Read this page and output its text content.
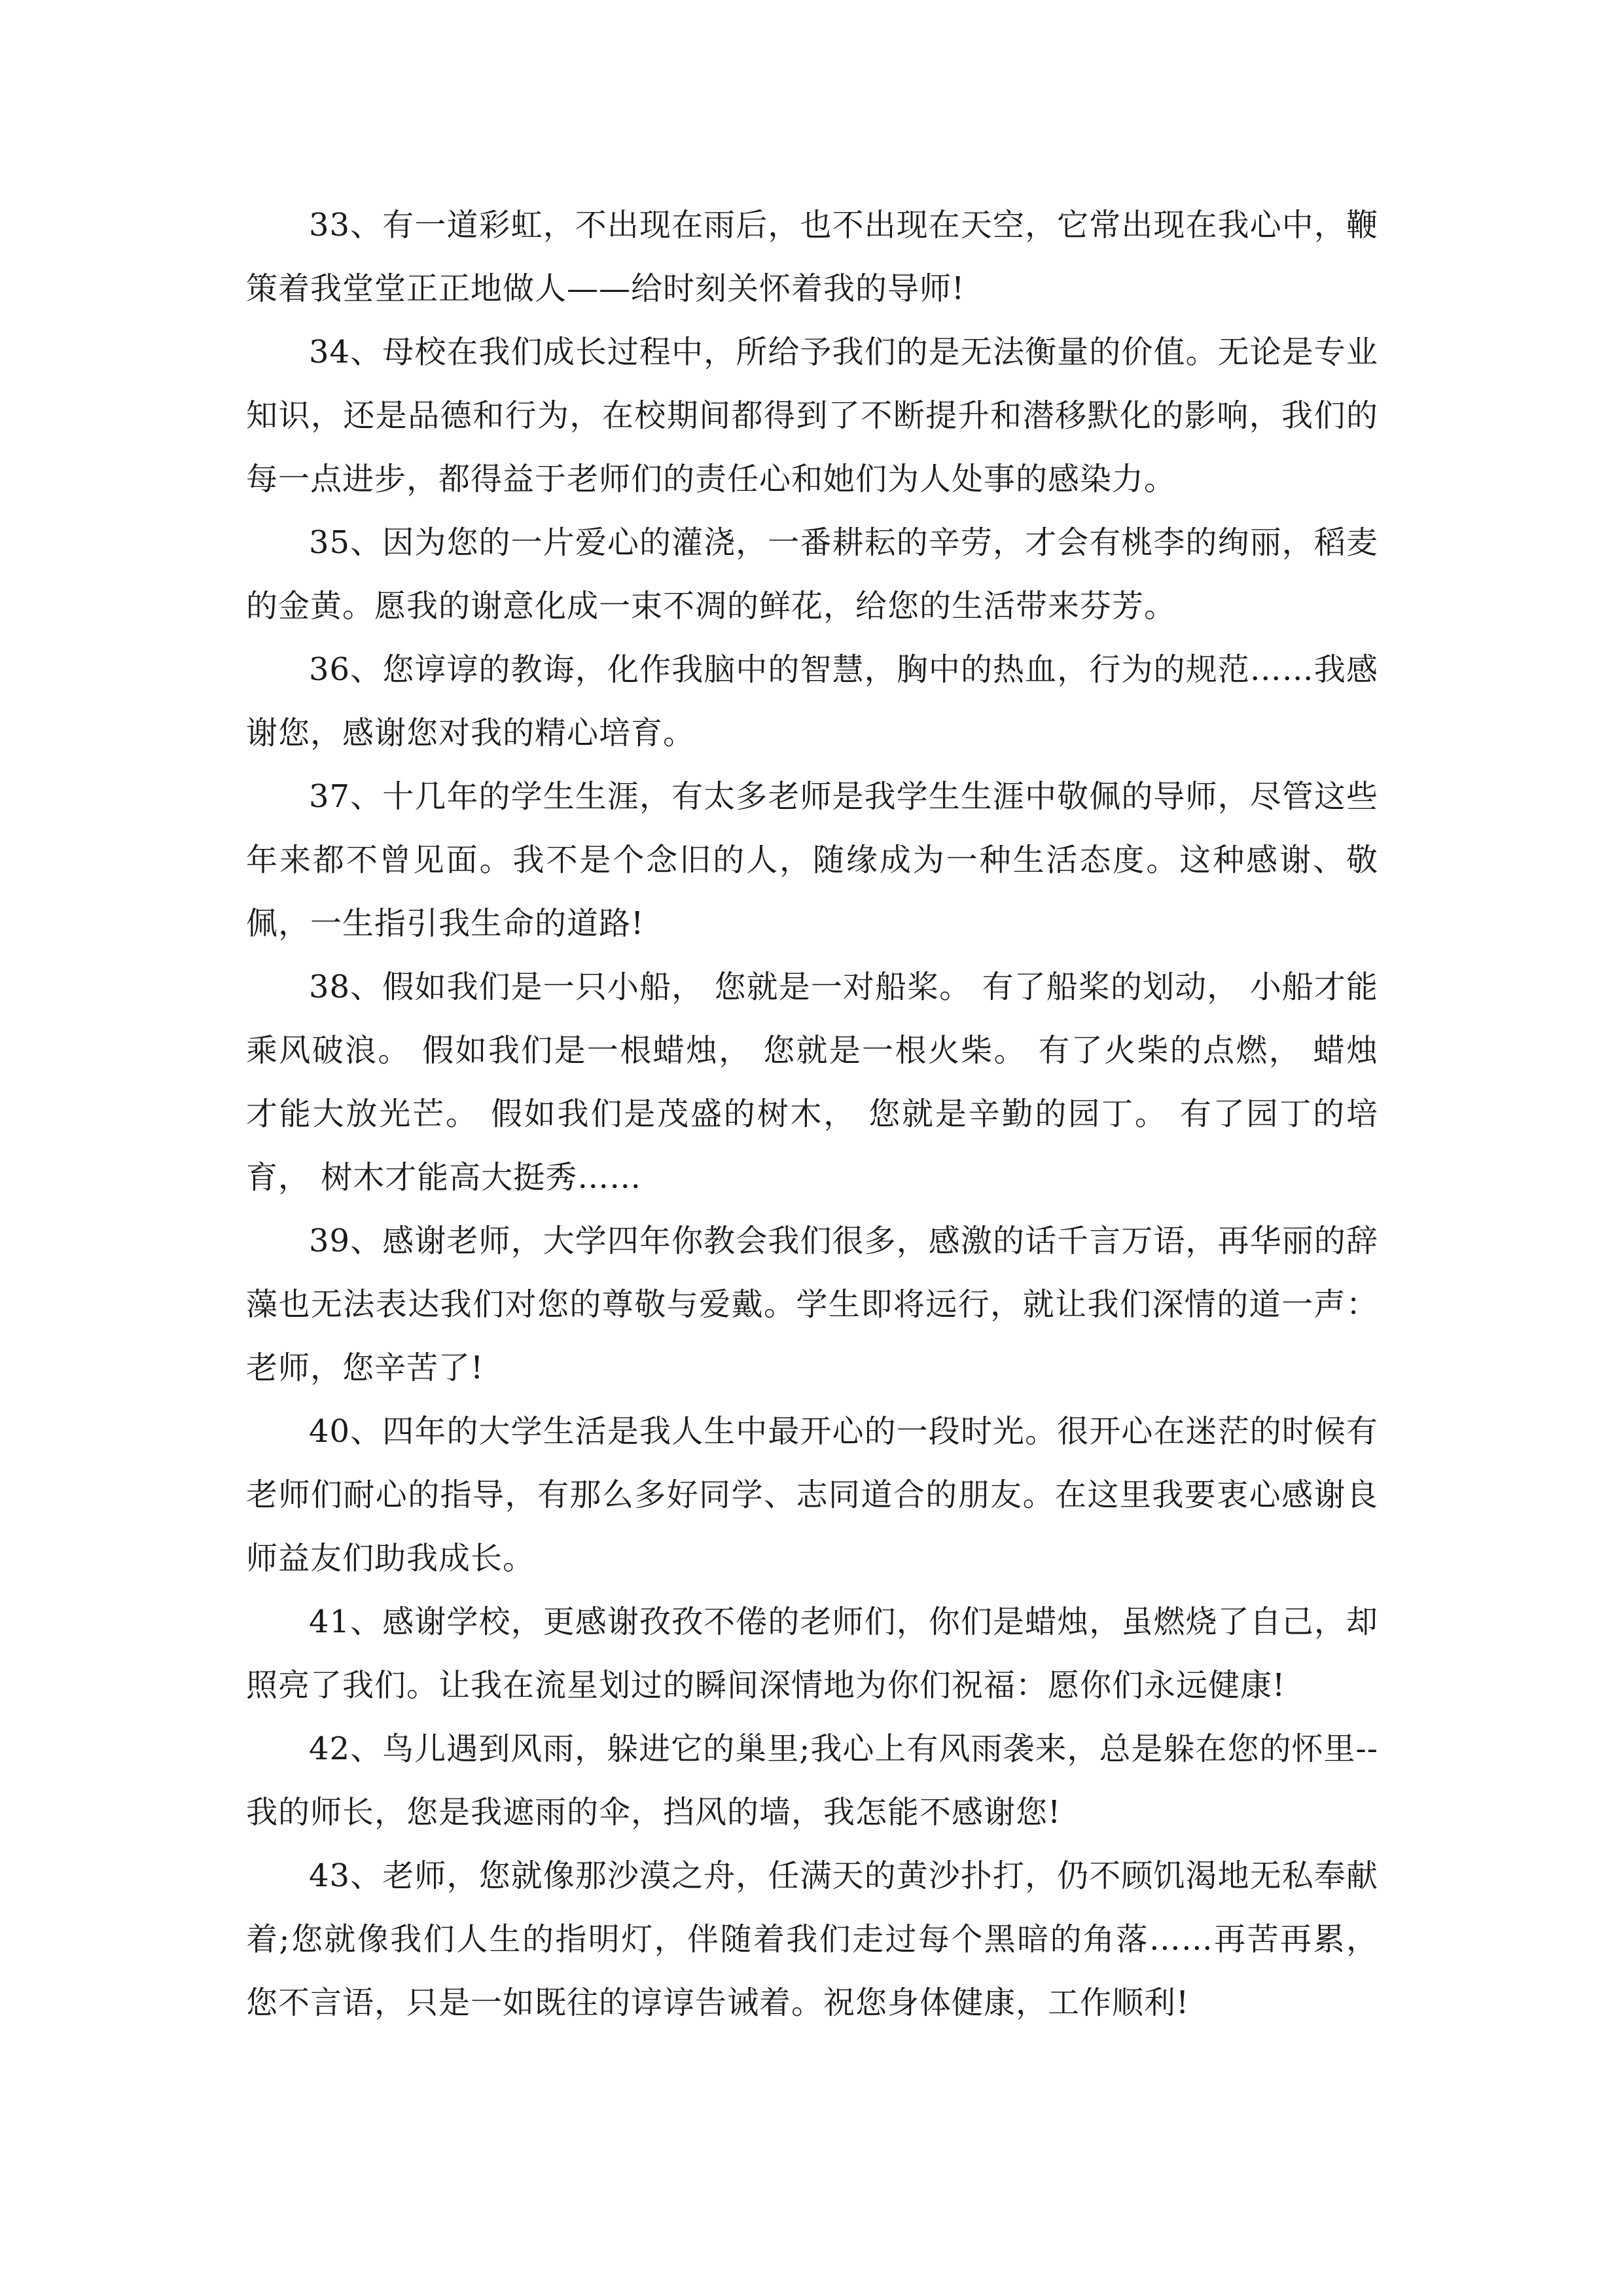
33、有一道彩虹，不出现在雨后，也不出现在天空，它常出现在我心中，鞭策着我堂堂正正地做人——给时刻关怀着我的导师!

34、母校在我们成长过程中，所给予我们的是无法衡量的价值。无论是专业知识，还是品德和行为，在校期间都得到了不断提升和潜移默化的影响，我们的每一点进步，都得益于老师们的责任心和她们为人处事的感染力。

35、因为您的一片爱心的灌浇，一番耕耘的辛劳，才会有桃李的绚丽，稻麦的金黄。愿我的谢意化成一束不凋的鲜花，给您的生活带来芬芳。

36、您谆谆的教诲，化作我脑中的智慧，胸中的热血，行为的规范……我感谢您，感谢您对我的精心培育。

37、十几年的学生生涯，有太多老师是我学生生涯中敬佩的导师，尽管这些年来都不曾见面。我不是个念旧的人，随缘成为一种生活态度。这种感谢、敬佩，一生指引我生命的道路!

38、假如我们是一只小船， 您就是一对船桨。 有了船桨的划动， 小船才能乘风破浪。 假如我们是一根蜡烛， 您就是一根火柴。 有了火柴的点燃， 蜡烛才能大放光芒。 假如我们是茂盛的树木， 您就是辛勤的园丁。 有了园丁的培育， 树木才能高大挺秀……

39、感谢老师，大学四年你教会我们很多，感激的话千言万语，再华丽的辞藻也无法表达我们对您的尊敬与爱戴。学生即将远行，就让我们深情的道一声：老师，您辛苦了!

40、四年的大学生活是我人生中最开心的一段时光。很开心在迷茫的时候有老师们耐心的指导，有那么多好同学、志同道合的朋友。在这里我要衷心感谢良师益友们助我成长。

41、感谢学校，更感谢孜孜不倦的老师们，你们是蜡烛，虽燃烧了自己，却照亮了我们。让我在流星划过的瞬间深情地为你们祝福：愿你们永远健康!

42、鸟儿遇到风雨，躲进它的巢里;我心上有风雨袭来，总是躲在您的怀里--我的师长，您是我遮雨的伞，挡风的墙，我怎能不感谢您!

43、老师，您就像那沙漠之舟，任满天的黄沙扑打，仍不顾饥渴地无私奉献着;您就像我们人生的指明灯，伴随着我们走过每个黑暗的角落……再苦再累，您不言语，只是一如既往的谆谆告诫着。祝您身体健康，工作顺利!
